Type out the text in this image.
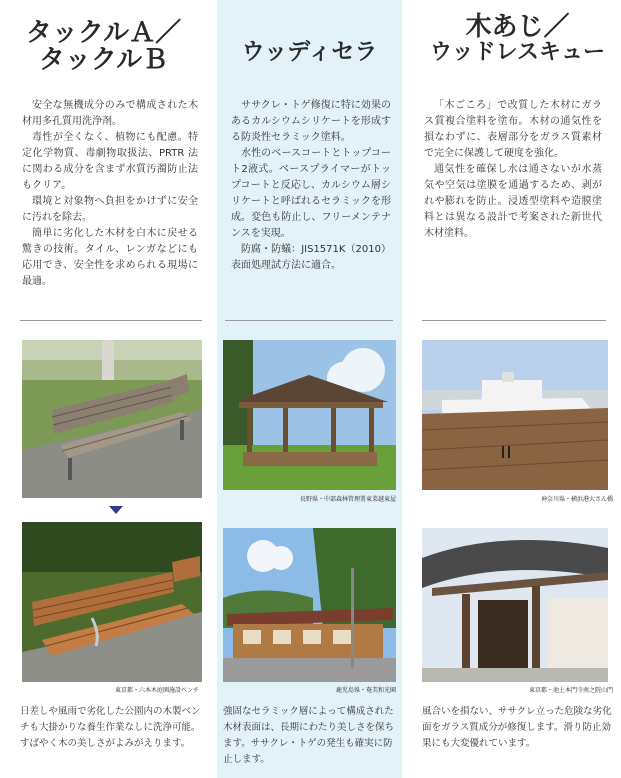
タックルＡ／
タックルＢ

安全な無機成分のみで構成された木材用多孔質用洗浄剤。

毒性が全くなく、植物にも配慮。特定化学物質、毒劇物取扱法、PRTR 法に関わる成分を含まず水質汚濁防止法もクリア。

環境と対象物へ負担をかけずに安全に汚れを除去。

簡単に劣化した木材を白木に戻せる驚きの技術。タイル、レンガなどにも応用でき、安全性を求められる現場に最適。

東京都・六本木庭園施設ベンチ
日差しや風雨で劣化した公園内の木製ベンチも大掛かりな養生作業なしに洗浄可能。すばやく木の美しさがよみがえります。
ウッディセラ

ササクレ・トゲ修復に特に効果のあるカルシウムシリケートを形成する防炎性セラミック塗料。

水性のベースコートとトップコート2液式。ベースプライマーがトップコートと反応し、カルシウム層シリケートと呼ばれるセラミックを形成。変色も防止し、フリーメンテナンスを実現。

防腐・防蟻：JIS1571K（2010）表面処理試方法に適合。

長野県・中部森林管理署東菜越東屋
鹿児島県・奄美和光園
強固なセラミック層によって構成された木材表面は、長期にわたり美しさを保ちます。ササクレ・トゲの発生も確実に防止します。
木あじ／
ウッドレスキュー

「木ごころ」で改質した木材にガラス質複合塗料を塗布。木材の通気性を損なわずに、表層部分をガラス質素材で完全に保護して硬度を強化。

通気性を確保し水は通さないが水蒸気や空気は塗膜を通過するため、剥がれや膨れを防止。浸透型塗料や造膜塗料とは異なる設計で考案された新世代木材塗料。

神奈川県・横浜港大さん橋
東京都・池上本門寺南之院山門
風合いを損ない、ササクレ立った危険な劣化面をガラス質成分が修復します。滑り防止効果にも大変優れています。
